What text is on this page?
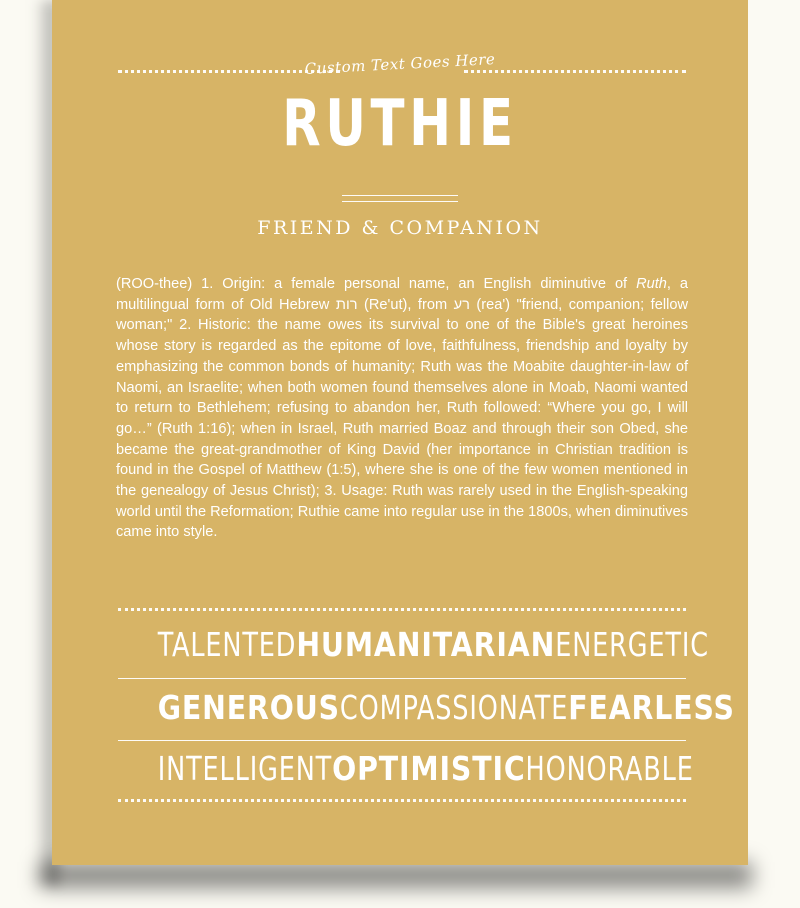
Custom Text Goes Here
RUTHIE
FRIEND & COMPANION
(ROO-thee) 1. Origin: a female personal name, an English diminutive of Ruth, a multilingual form of Old Hebrew רות (Re'ut), from רע (rea') "friend, companion; fellow woman;" 2. Historic: the name owes its survival to one of the Bible's great heroines whose story is regarded as the epitome of love, faithfulness, friendship and loyalty by emphasizing the common bonds of humanity; Ruth was the Moabite daughter-in-law of Naomi, an Israelite; when both women found themselves alone in Moab, Naomi wanted to return to Bethlehem; refusing to abandon her, Ruth followed: “Where you go, I will go…” (Ruth 1:16); when in Israel, Ruth married Boaz and through their son Obed, she became the great-grandmother of King David (her importance in Christian tradition is found in the Gospel of Matthew (1:5), where she is one of the few women mentioned in the genealogy of Jesus Christ); 3. Usage: Ruth was rarely used in the English-speaking world until the Reformation; Ruthie came into regular use in the 1800s, when diminutives came into style.
TALENTED HUMANITARIAN ENERGETIC
GENEROUS COMPASSIONATE FEARLESS
INTELLIGENT OPTIMISTIC HONORABLE
